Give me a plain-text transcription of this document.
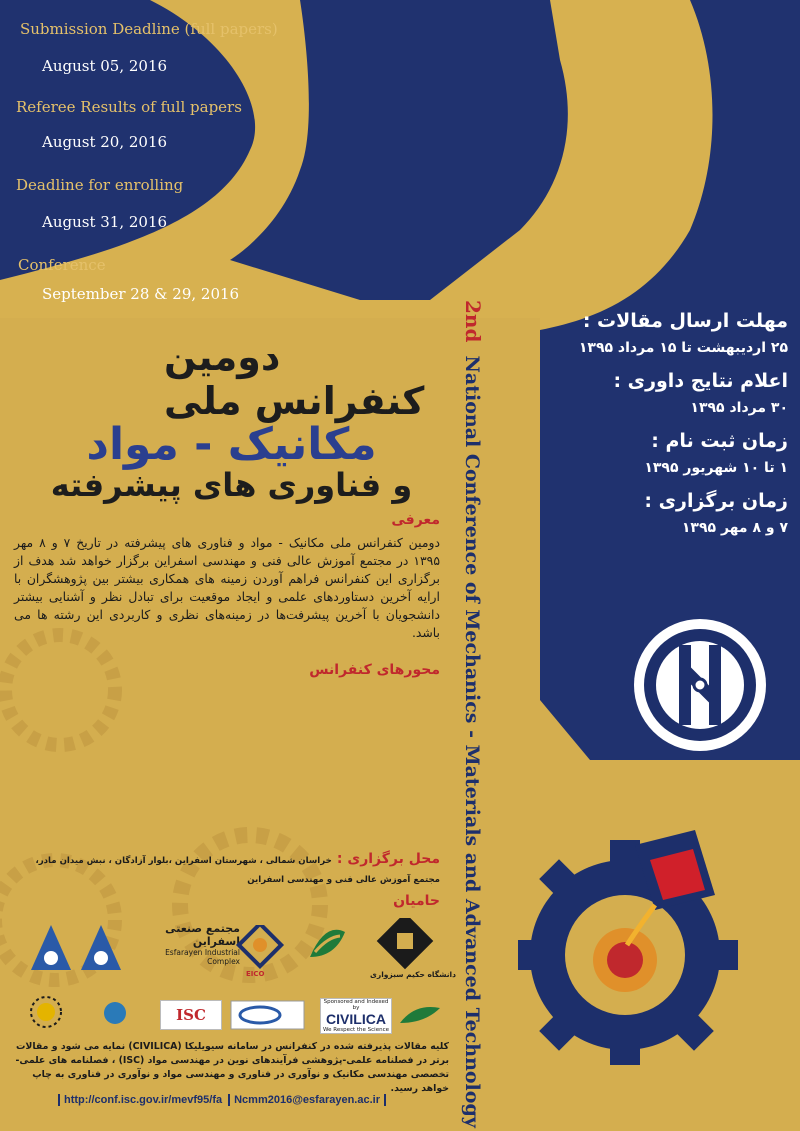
Submission Deadline (full papers)
August 05, 2016
Referee Results of full papers
August 20, 2016
Deadline for enrolling
August 31, 2016
Conference
September 28 & 29, 2016
مهلت ارسال مقالات :
۲۵ اردیبهشت تا ۱۵ مرداد ۱۳۹۵
اعلام نتایج داوری :
۳۰ مرداد ۱۳۹۵
زمان ثبت نام :
۱ تا ۱۰ شهریور ۱۳۹۵
زمان برگزاری :
۷ و ۸ مهر ۱۳۹۵
2nd National Conference of Mechanics - Materials and Advanced Technology
دومین کنفرانس ملی
مکانیک - مواد
و فناوری های پیشرفته
معرفی
دومین کنفرانس ملی مکانیک - مواد و فناوری های پیشرفته در تاریخ ۷ و ۸ مهر ۱۳۹۵ در مجتمع آموزش عالی فنی و مهندسی اسفراین برگزار خواهد شد هدف از برگزاری این کنفرانس فراهم آوردن زمینه های همکاری بیشتر بین پژوهشگران با ارایه آخرین دستاوردهای علمی و ایجاد موقعیت برای تبادل نظر و آشنایی بیشتر دانشجویان با آخرین پیشرفت‌ها در زمینه‌های نظری و کاربردی این رشته ها می باشد.
محورهای کنفرانس
محل برگزاری : خراسان شمالی ، شهرستان اسفراین ،بلوار آزادگان ، نبش میدان مادر، مجتمع آموزش عالی فنی و مهندسی اسفراین
حامیان
مجتمع صنعتی اسفراین
Esfarayen Industrial Complex
EICO	دانشگاه حکیم سبزواری
ISC
Sponsored and Indexed by
CIVILICA
We Respect the Science
کلیه مقالات پذیرفته شده در کنفرانس در سامانه سیویلیکا (CIVILICA) نمایه می شود و مقالات برتر در فصلنامه علمی-پژوهشی فرآیندهای نوین در مهندسی مواد (ISC) ، فصلنامه های علمی-تخصصی مهندسی مکانیک و نوآوری در فناوری و مهندسی مواد و نوآوری در فناوری به چاپ خواهد رسید.
http://conf.isc.gov.ir/mevf95/fa	Ncmm2016@esfarayen.ac.ir
